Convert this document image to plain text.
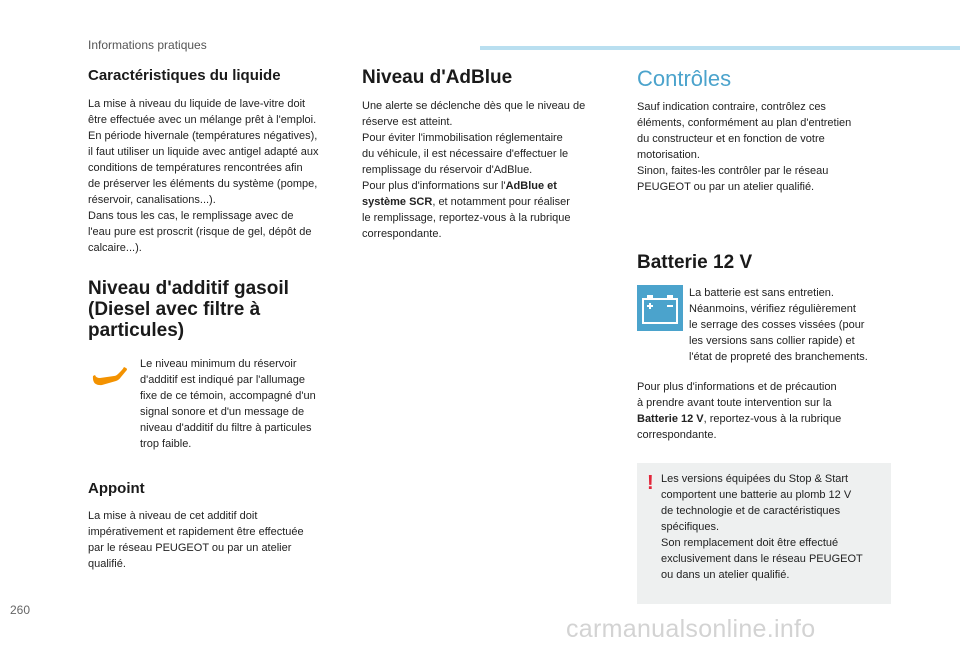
Informations pratiques
Caractéristiques du liquide

La mise à niveau du liquide de lave-vitre doit
être effectuée avec un mélange prêt à l'emploi.
En période hivernale (températures négatives),
il faut utiliser un liquide avec antigel adapté aux
conditions de températures rencontrées afin
de préserver les éléments du système (pompe,
réservoir, canalisations...).
Dans tous les cas, le remplissage avec de
l'eau pure est proscrit (risque de gel, dépôt de
calcaire...).

Niveau d'additif gasoil
(Diesel avec filtre à
particules)

Le niveau minimum du réservoir
d'additif est indiqué par l'allumage
fixe de ce témoin, accompagné d'un
signal sonore et d'un message de
niveau d'additif du filtre à particules
trop faible.

Appoint

La mise à niveau de cet additif doit
impérativement et rapidement être effectuée
par le réseau PEUGEOT ou par un atelier
qualifié.

Niveau d'AdBlue

Une alerte se déclenche dès que le niveau de
réserve est atteint.
Pour éviter l'immobilisation réglementaire
du véhicule, il est nécessaire d'effectuer le
remplissage du réservoir d'AdBlue.
Pour plus d'informations sur l'AdBlue et
système SCR, et notamment pour réaliser
le remplissage, reportez-vous à la rubrique
correspondante.

Contrôles

Sauf indication contraire, contrôlez ces
éléments, conformément au plan d'entretien
du constructeur et en fonction de votre
motorisation.
Sinon, faites-les contrôler par le réseau
PEUGEOT ou par un atelier qualifié.

Batterie 12 V

La batterie est sans entretien.
Néanmoins, vérifiez régulièrement
le serrage des cosses vissées (pour
les versions sans collier rapide) et
l'état de propreté des branchements.

Pour plus d'informations et de précaution
à prendre avant toute intervention sur la
Batterie 12 V, reportez-vous à la rubrique
correspondante.

! Les versions équipées du Stop & Start
comportent une batterie au plomb 12 V
de technologie et de caractéristiques
spécifiques.
Son remplacement doit être effectué
exclusivement dans le réseau PEUGEOT
ou dans un atelier qualifié.

260
carmanualsonline.info
